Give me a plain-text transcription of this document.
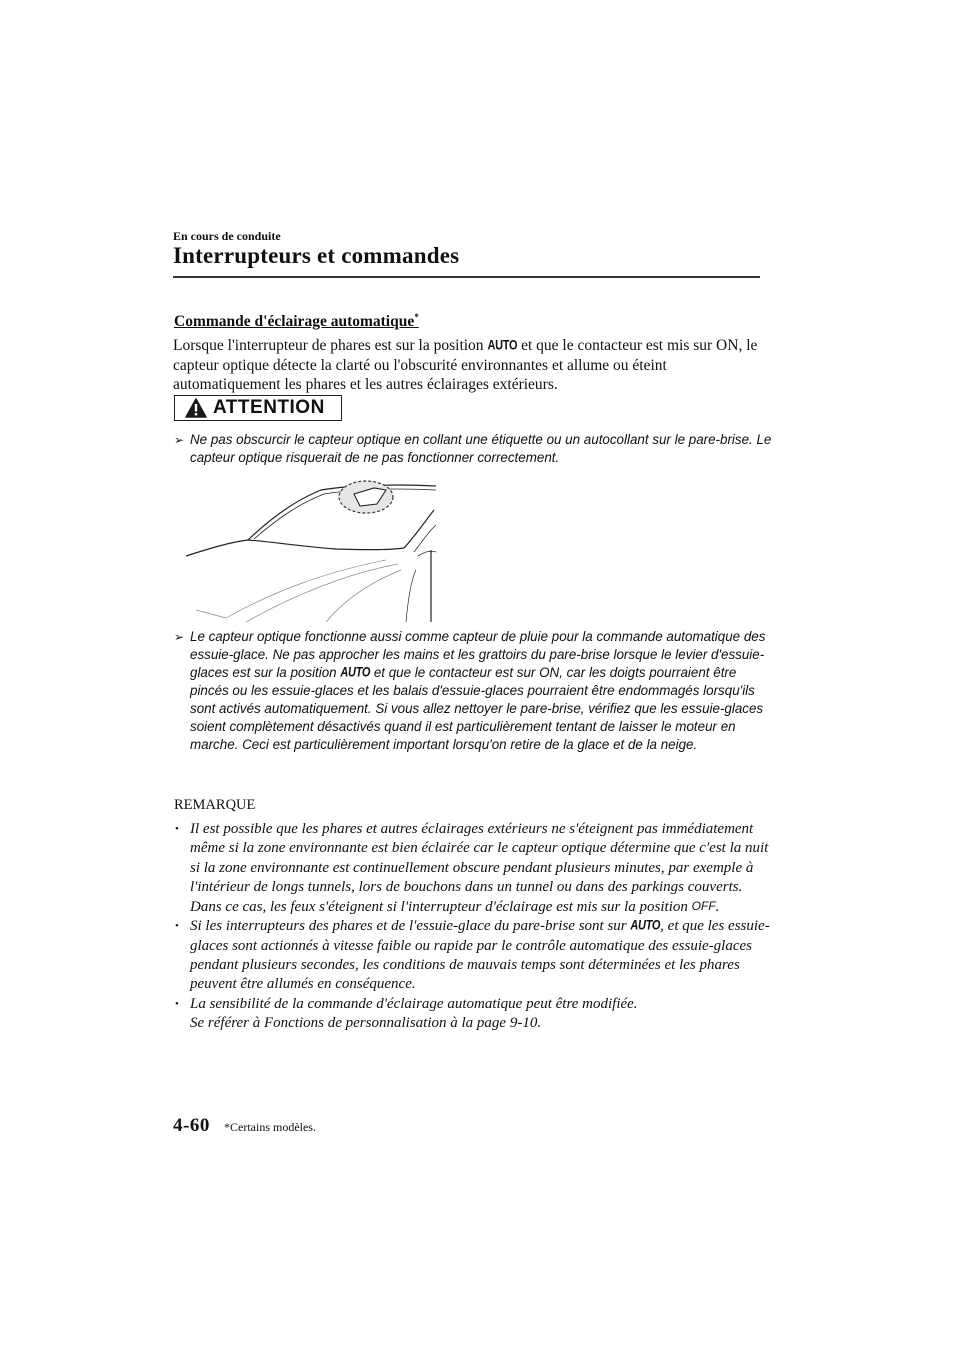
En cours de conduite
Interrupteurs et commandes
Commande d'éclairage automatique*
Lorsque l'interrupteur de phares est sur la position AUTO et que le contacteur est mis sur ON, le capteur optique détecte la clarté ou l'obscurité environnantes et allume ou éteint automatiquement les phares et les autres éclairages extérieurs.
ATTENTION
➢ Ne pas obscurcir le capteur optique en collant une étiquette ou un autocollant sur le pare-brise. Le capteur optique risquerait de ne pas fonctionner correctement.
➢ Le capteur optique fonctionne aussi comme capteur de pluie pour la commande automatique des essuie-glace. Ne pas approcher les mains et les grattoirs du pare-brise lorsque le levier d'essuie-glaces est sur la position AUTO et que le contacteur est sur ON, car les doigts pourraient être pincés ou les essuie-glaces et les balais d'essuie-glaces pourraient être endommagés lorsqu'ils sont activés automatiquement. Si vous allez nettoyer le pare-brise, vérifiez que les essuie-glaces soient complètement désactivés quand il est particulièrement tentant de laisser le moteur en marche. Ceci est particulièrement important lorsqu'on retire de la glace et de la neige.
REMARQUE
• Il est possible que les phares et autres éclairages extérieurs ne s'éteignent pas immédiatement même si la zone environnante est bien éclairée car le capteur optique détermine que c'est la nuit si la zone environnante est continuellement obscure pendant plusieurs minutes, par exemple à l'intérieur de longs tunnels, lors de bouchons dans un tunnel ou dans des parkings couverts.
Dans ce cas, les feux s'éteignent si l'interrupteur d'éclairage est mis sur la position OFF.
• Si les interrupteurs des phares et de l'essuie-glace du pare-brise sont sur AUTO, et que les essuie-glaces sont actionnés à vitesse faible ou rapide par le contrôle automatique des essuie-glaces pendant plusieurs secondes, les conditions de mauvais temps sont déterminées et les phares peuvent être allumés en conséquence.
• La sensibilité de la commande d'éclairage automatique peut être modifiée.
Se référer à Fonctions de personnalisation à la page 9-10.
4-60 *Certains modèles.
